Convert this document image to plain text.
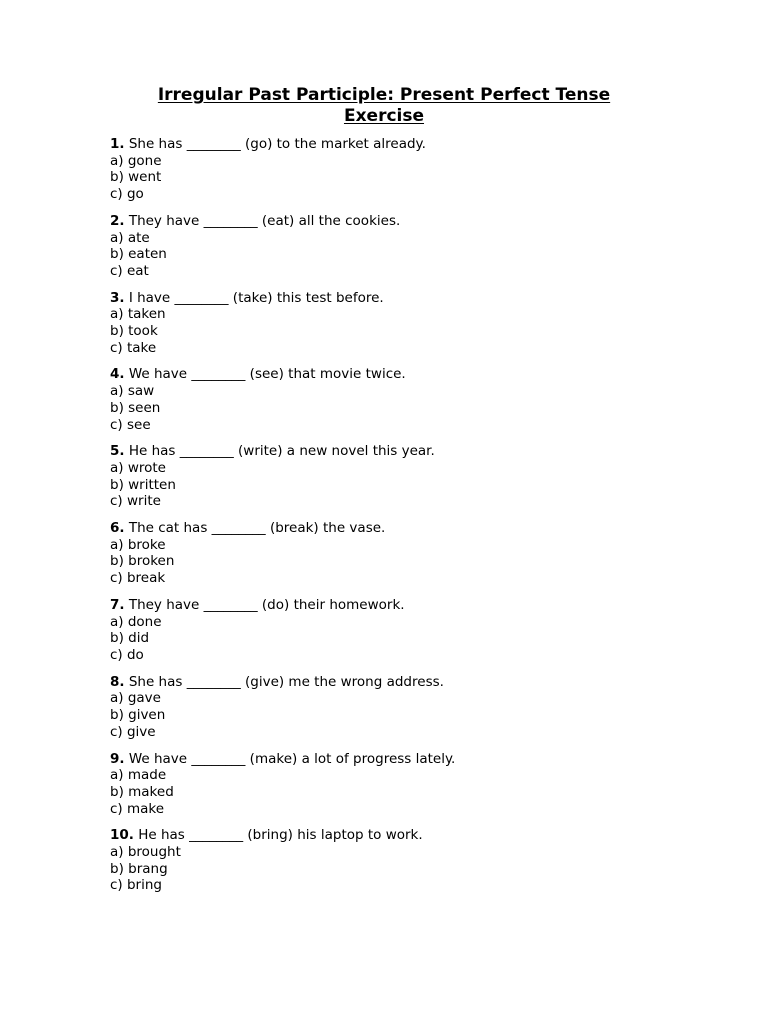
Irregular Past Participle: Present Perfect Tense Exercise
1. She has ________ (go) to the market already.
a) gone
b) went
c) go
2. They have ________ (eat) all the cookies.
a) ate
b) eaten
c) eat
3. I have ________ (take) this test before.
a) taken
b) took
c) take
4. We have ________ (see) that movie twice.
a) saw
b) seen
c) see
5. He has ________ (write) a new novel this year.
a) wrote
b) written
c) write
6. The cat has ________ (break) the vase.
a) broke
b) broken
c) break
7. They have ________ (do) their homework.
a) done
b) did
c) do
8. She has ________ (give) me the wrong address.
a) gave
b) given
c) give
9. We have ________ (make) a lot of progress lately.
a) made
b) maked
c) make
10. He has ________ (bring) his laptop to work.
a) brought
b) brang
c) bring
